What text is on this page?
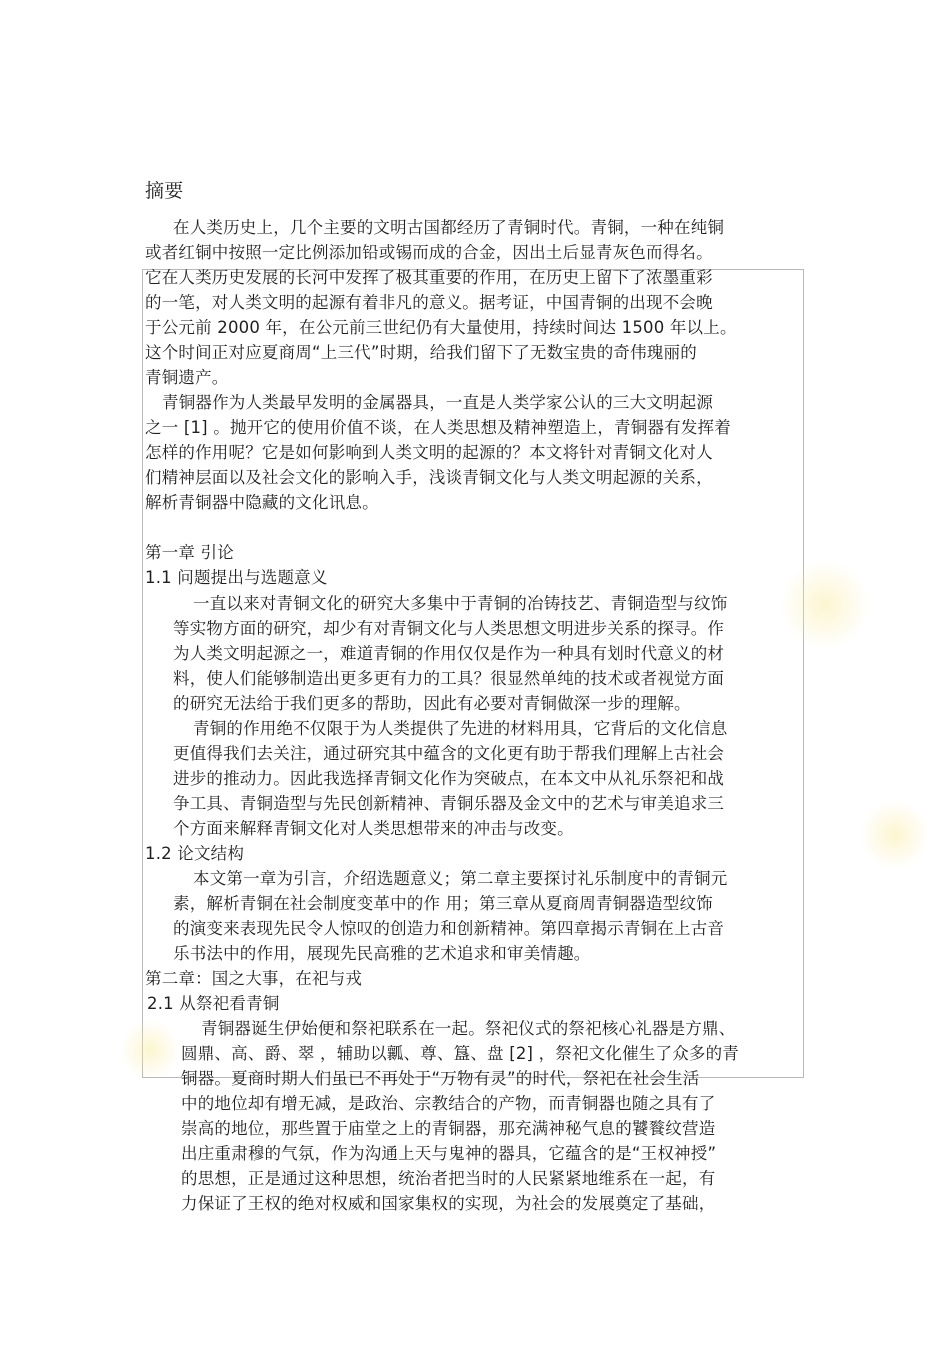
摘要
在人类历史上，几个主要的文明古国都经历了青铜时代。青铜，一种在纯铜
或者红铜中按照一定比例添加铅或锡而成的合金，因出土后显青灰色而得名。
它在人类历史发展的长河中发挥了极其重要的作用，在历史上留下了浓墨重彩
的一笔，对人类文明的起源有着非凡的意义。据考证，中国青铜的出现不会晚
于公元前 2000 年，在公元前三世纪仍有大量使用，持续时间达 1500 年以上。
这个时间正对应夏商周“上三代”时期，给我们留下了无数宝贵的奇伟瑰丽的
青铜遗产。
青铜器作为人类最早发明的金属器具，一直是人类学家公认的三大文明起源
之一 [1] 。抛开它的使用价值不谈，在人类思想及精神塑造上，青铜器有发挥着
怎样的作用呢？它是如何影响到人类文明的起源的？本文将针对青铜文化对人
们精神层面以及社会文化的影响入手，浅谈青铜文化与人类文明起源的关系，
解析青铜器中隐藏的文化讯息。
第一章 引论
1.1 问题提出与选题意义
一直以来对青铜文化的研究大多集中于青铜的冶铸技艺、青铜造型与纹饰
等实物方面的研究，却少有对青铜文化与人类思想文明进步关系的探寻。作
为人类文明起源之一，难道青铜的作用仅仅是作为一种具有划时代意义的材
料，使人们能够制造出更多更有力的工具？很显然单纯的技术或者视觉方面
的研究无法给于我们更多的帮助，因此有必要对青铜做深一步的理解。
青铜的作用绝不仅限于为人类提供了先进的材料用具，它背后的文化信息
更值得我们去关注，通过研究其中蕴含的文化更有助于帮我们理解上古社会
进步的推动力。因此我选择青铜文化作为突破点，在本文中从礼乐祭祀和战
争工具、青铜造型与先民创新精神、青铜乐器及金文中的艺术与审美追求三
个方面来解释青铜文化对人类思想带来的冲击与改变。
1.2 论文结构
本文第一章为引言，介绍选题意义；第二章主要探讨礼乐制度中的青铜元
素，解析青铜在社会制度变革中的作 用；第三章从夏商周青铜器造型纹饰
的演变来表现先民令人惊叹的创造力和创新精神。第四章揭示青铜在上古音
乐书法中的作用，展现先民高雅的艺术追求和审美情趣。
第二章：国之大事，在祀与戎
2.1 从祭祀看青铜
青铜器诞生伊始便和祭祀联系在一起。祭祀仪式的祭祀核心礼器是方鼎、
圆鼎、高、爵、翠 ，辅助以瓤、尊、簋、盘 [2] ，祭祀文化催生了众多的青
铜器。夏商时期人们虽已不再处于“万物有灵”的时代，祭祀在社会生活
中的地位却有增无减，是政治、宗教结合的产物，而青铜器也随之具有了
崇高的地位，那些置于庙堂之上的青铜器，那充满神秘气息的饕餮纹营造
出庄重肃穆的气氛，作为沟通上天与鬼神的器具，它蕴含的是“王权神授”
的思想，正是通过这种思想，统治者把当时的人民紧紧地维系在一起，有
力保证了王权的绝对权威和国家集权的实现，为社会的发展奠定了基础，
